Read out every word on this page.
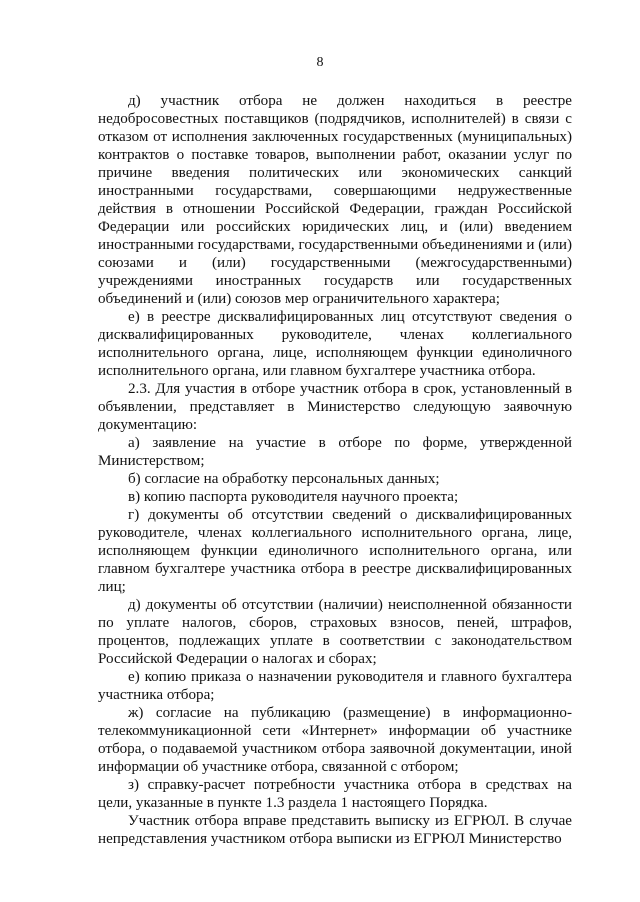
8

д) участник отбора не должен находиться в реестре недобросовестных поставщиков (подрядчиков, исполнителей) в связи с отказом от исполнения заключенных государственных (муниципальных) контрактов о поставке товаров, выполнении работ, оказании услуг по причине введения политических или экономических санкций иностранными государствами, совершающими недружественные действия в отношении Российской Федерации, граждан Российской Федерации или российских юридических лиц, и (или) введением иностранными государствами, государственными объединениями и (или) союзами и (или) государственными (межгосударственными) учреждениями иностранных государств или государственных объединений и (или) союзов мер ограничительного характера;

е) в реестре дисквалифицированных лиц отсутствуют сведения о дисквалифицированных руководителе, членах коллегиального исполнительного органа, лице, исполняющем функции единоличного исполнительного органа, или главном бухгалтере участника отбора.

2.3. Для участия в отборе участник отбора в срок, установленный в объявлении, представляет в Министерство следующую заявочную документацию:

а) заявление на участие в отборе по форме, утвержденной Министерством;

б) согласие на обработку персональных данных;

в) копию паспорта руководителя научного проекта;

г) документы об отсутствии сведений о дисквалифицированных руководителе, членах коллегиального исполнительного органа, лице, исполняющем функции единоличного исполнительного органа, или главном бухгалтере участника отбора в реестре дисквалифицированных лиц;

д) документы об отсутствии (наличии) неисполненной обязанности по уплате налогов, сборов, страховых взносов, пеней, штрафов, процентов, подлежащих уплате в соответствии с законодательством Российской Федерации о налогах и сборах;

е) копию приказа о назначении руководителя и главного бухгалтера участника отбора;

ж) согласие на публикацию (размещение) в информационно-телекоммуникационной сети «Интернет» информации об участнике отбора, о подаваемой участником отбора заявочной документации, иной информации об участнике отбора, связанной с отбором;

з) справку-расчет потребности участника отбора в средствах на цели, указанные в пункте 1.3 раздела 1 настоящего Порядка.

Участник отбора вправе представить выписку из ЕГРЮЛ. В случае непредставления участником отбора выписки из ЕГРЮЛ Министерство
